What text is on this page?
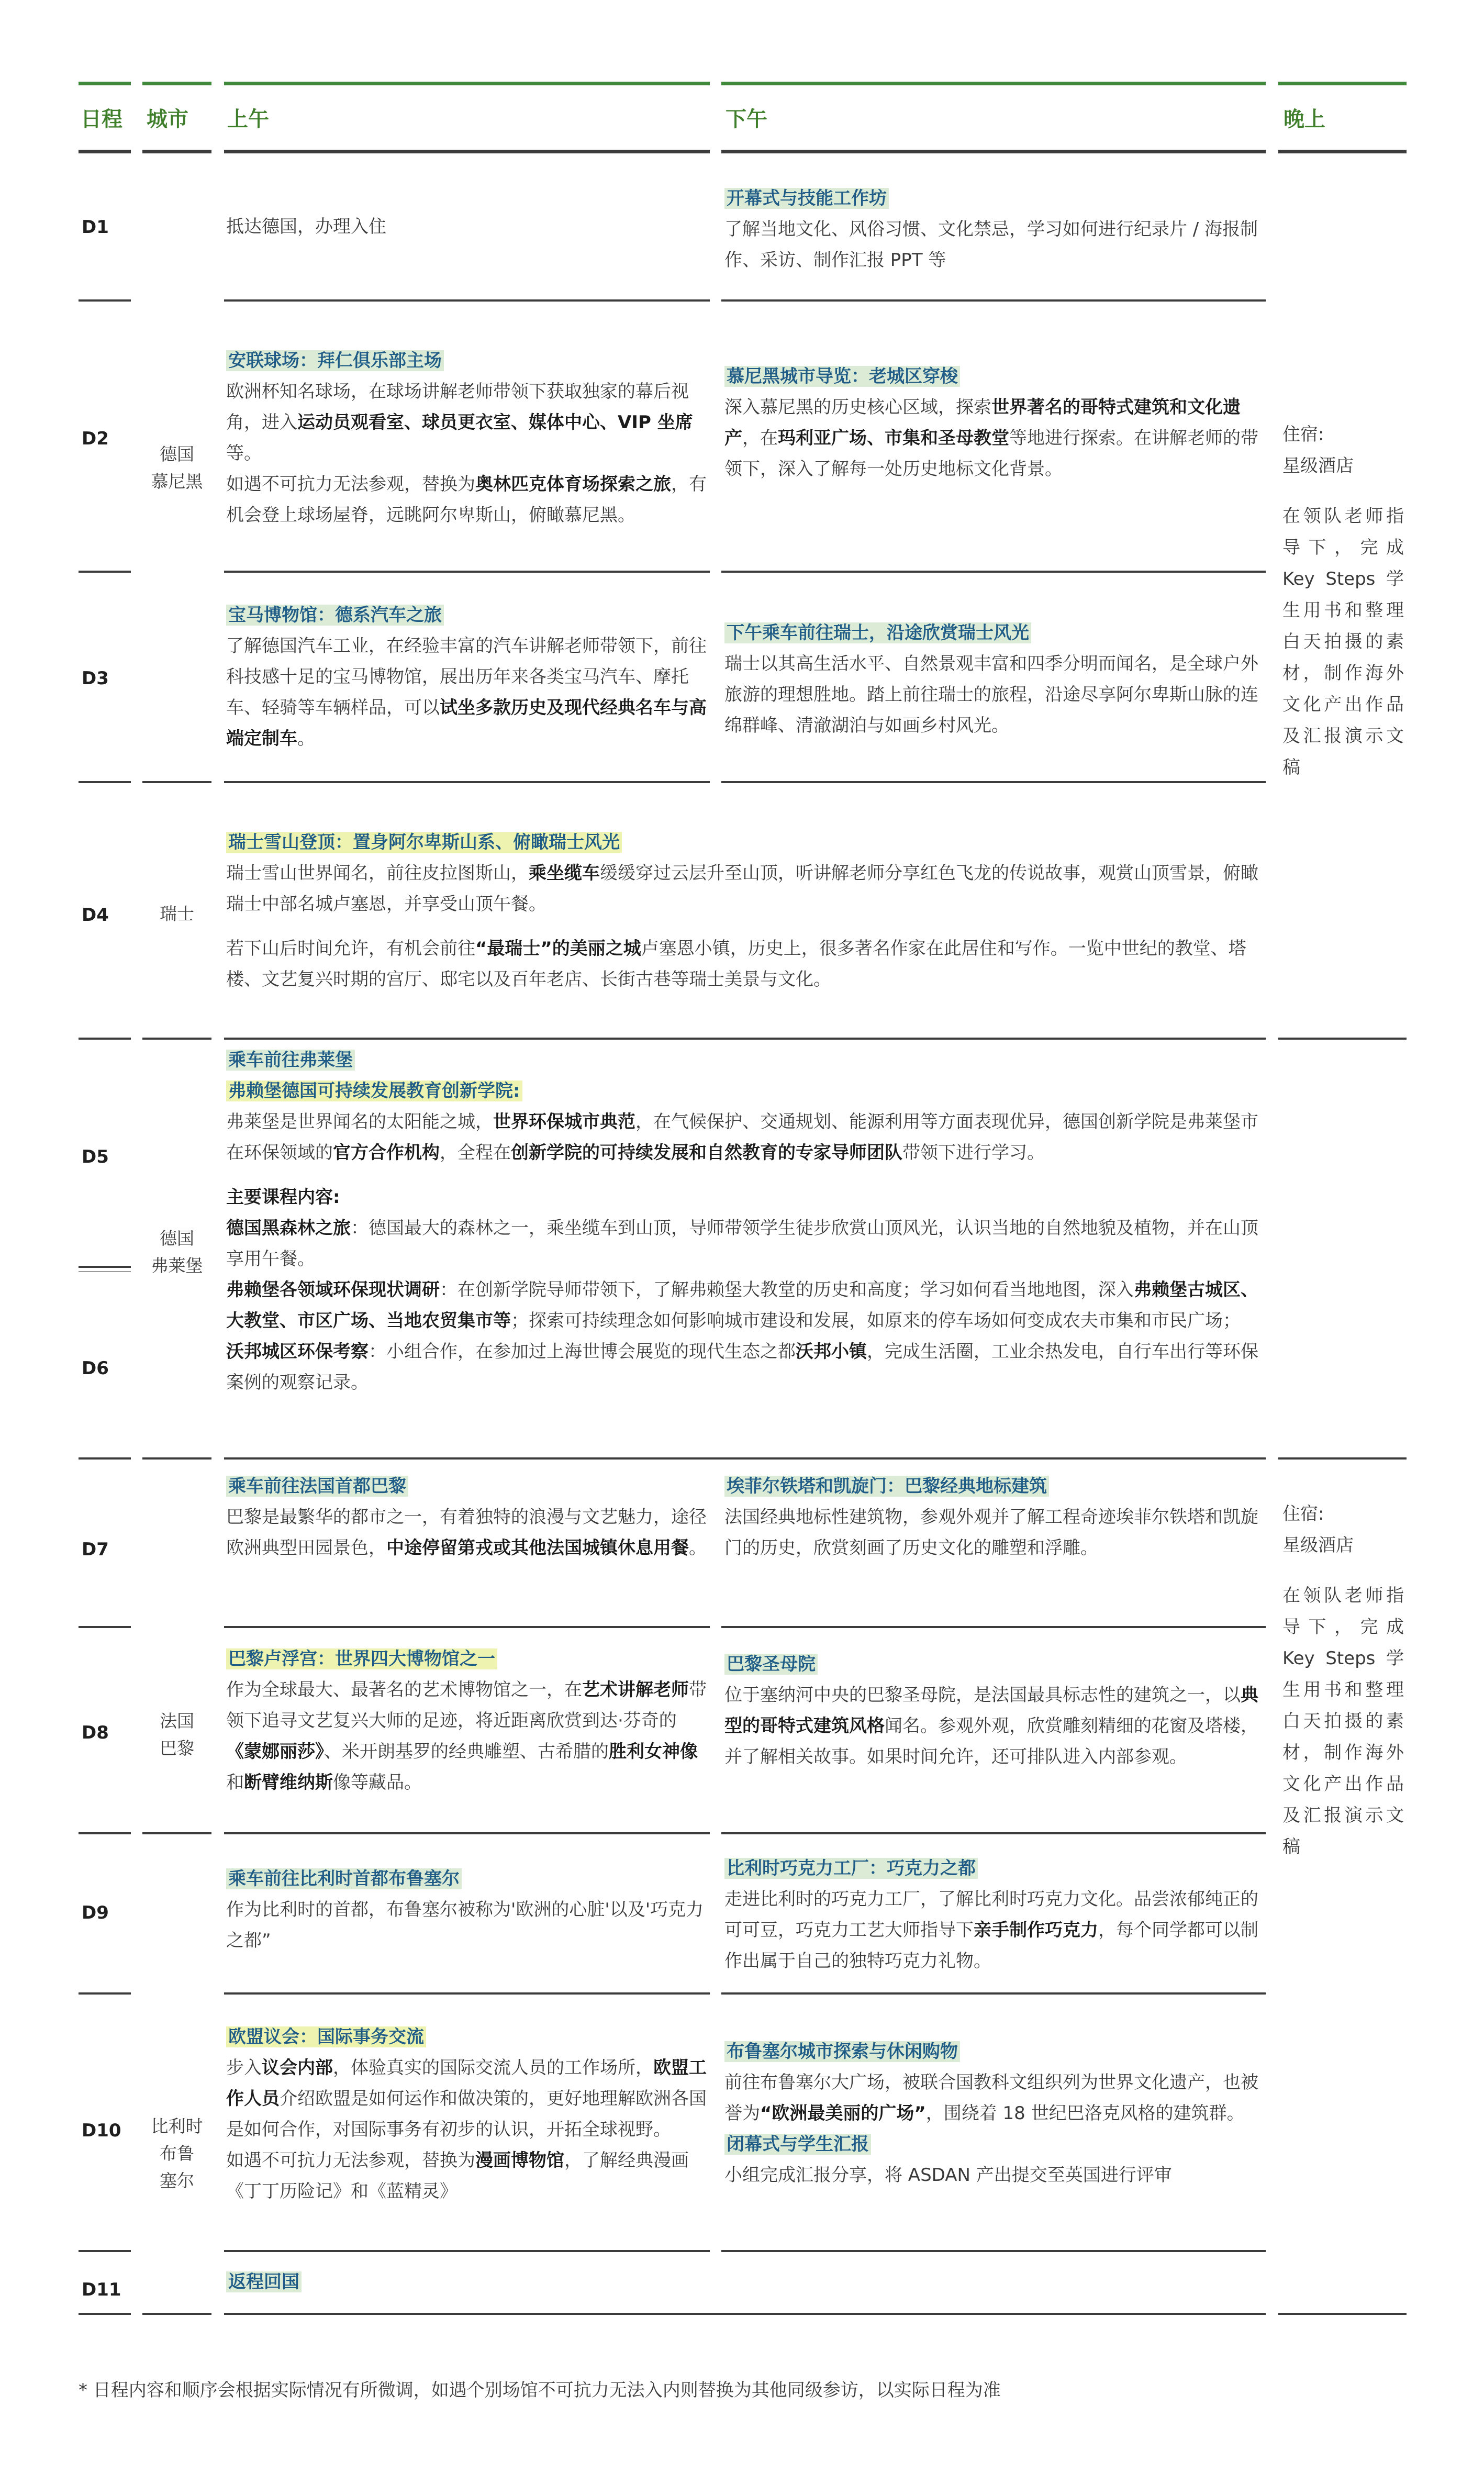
日程 城市 上午	下午	晚上
D1
D2
D3
D4
D5
D6
D7
D8
D9
D10
D11
德国
慕尼黑
瑞士
德国
弗莱堡
法国
巴黎
比利时
布鲁
塞尔

抵达德国，办理入住

开幕式与技能工作坊

了解当地文化、风俗习惯、文化禁忌，学习如何进行纪录片 / 海报制作、采访、制作汇报 PPT 等

安联球场：拜仁俱乐部主场

欧洲杯知名球场，在球场讲解老师带领下获取独家的幕后视角，进入运动员观看室、球员更衣室、媒体中心、VIP 坐席等。

如遇不可抗力无法参观，替换为奥林匹克体育场探索之旅，有机会登上球场屋脊，远眺阿尔卑斯山，俯瞰慕尼黑。

慕尼黑城市导览：老城区穿梭

深入慕尼黑的历史核心区域，探索世界著名的哥特式建筑和文化遗产，在玛利亚广场、市集和圣母教堂等地进行探索。在讲解老师的带领下，深入了解每一处历史地标文化背景。

宝马博物馆：德系汽车之旅

了解德国汽车工业，在经验丰富的汽车讲解老师带领下，前往科技感十足的宝马博物馆，展出历年来各类宝马汽车、摩托车、轻骑等车辆样品，可以试坐多款历史及现代经典名车与高端定制车。

下午乘车前往瑞士，沿途欣赏瑞士风光

瑞士以其高生活水平、自然景观丰富和四季分明而闻名，是全球户外旅游的理想胜地。踏上前往瑞士的旅程，沿途尽享阿尔卑斯山脉的连绵群峰、清澈湖泊与如画乡村风光。

瑞士雪山登顶：置身阿尔卑斯山系、俯瞰瑞士风光

瑞士雪山世界闻名，前往皮拉图斯山，乘坐缆车缓缓穿过云层升至山顶，听讲解老师分享红色飞龙的传说故事，观赏山顶雪景，俯瞰瑞士中部名城卢塞恩，并享受山顶午餐。

若下山后时间允许，有机会前往“最瑞士”的美丽之城卢塞恩小镇，历史上，很多著名作家在此居住和写作。一览中世纪的教堂、塔楼、文艺复兴时期的宫厅、邸宅以及百年老店、长街古巷等瑞士美景与文化。

乘车前往弗莱堡

弗赖堡德国可持续发展教育创新学院:

弗莱堡是世界闻名的太阳能之城，世界环保城市典范，在气候保护、交通规划、能源利用等方面表现优异，德国创新学院是弗莱堡市在环保领域的官方合作机构，全程在创新学院的可持续发展和自然教育的专家导师团队带领下进行学习。

主要课程内容:

德国黑森林之旅：德国最大的森林之一，乘坐缆车到山顶，导师带领学生徒步欣赏山顶风光，认识当地的自然地貌及植物，并在山顶享用午餐。

弗赖堡各领域环保现状调研：在创新学院导师带领下，了解弗赖堡大教堂的历史和高度；学习如何看当地地图，深入弗赖堡古城区、大教堂、市区广场、当地农贸集市等；探索可持续理念如何影响城市建设和发展，如原来的停车场如何变成农夫市集和市民广场；

沃邦城区环保考察：小组合作，在参加过上海世博会展览的现代生态之都沃邦小镇，完成生活圈，工业余热发电，自行车出行等环保案例的观察记录。

乘车前往法国首都巴黎

巴黎是最繁华的都市之一，有着独特的浪漫与文艺魅力，途径欧洲典型田园景色，中途停留第戎或其他法国城镇休息用餐。

埃菲尔铁塔和凯旋门：巴黎经典地标建筑

法国经典地标性建筑物，参观外观并了解工程奇迹埃菲尔铁塔和凯旋门的历史，欣赏刻画了历史文化的雕塑和浮雕。

巴黎卢浮宫：世界四大博物馆之一

作为全球最大、最著名的艺术博物馆之一，在艺术讲解老师带领下追寻文艺复兴大师的足迹，将近距离欣赏到达·芬奇的《蒙娜丽莎》、米开朗基罗的经典雕塑、古希腊的胜利女神像和断臂维纳斯像等藏品。

巴黎圣母院

位于塞纳河中央的巴黎圣母院，是法国最具标志性的建筑之一，以典型的哥特式建筑风格闻名。参观外观，欣赏雕刻精细的花窗及塔楼，并了解相关故事。如果时间允许，还可排队进入内部参观。

乘车前往比利时首都布鲁塞尔

作为比利时的首都，布鲁塞尔被称为'欧洲的心脏'以及'巧克力之都”

比利时巧克力工厂：巧克力之都

走进比利时的巧克力工厂，了解比利时巧克力文化。品尝浓郁纯正的可可豆，巧克力工艺大师指导下亲手制作巧克力，每个同学都可以制作出属于自己的独特巧克力礼物。

欧盟议会：国际事务交流

步入议会内部，体验真实的国际交流人员的工作场所，欧盟工作人员介绍欧盟是如何运作和做决策的，更好地理解欧洲各国是如何合作，对国际事务有初步的认识，开拓全球视野。

如遇不可抗力无法参观，替换为漫画博物馆，了解经典漫画《丁丁历险记》和《蓝精灵》

布鲁塞尔城市探索与休闲购物

前往布鲁塞尔大广场，被联合国教科文组织列为世界文化遗产，也被誉为“欧洲最美丽的广场”，围绕着 18 世纪巴洛克风格的建筑群。

闭幕式与学生汇报

小组完成汇报分享，将 ASDAN 产出提交至英国进行评审

返程回国

住宿:

星级酒店

在领队老师指导下，完成 Key Steps 学生用书和整理白天拍摄的素材，制作海外文化产出作品及汇报演示文稿

住宿:

星级酒店

在领队老师指导下，完成 Key Steps 学生用书和整理白天拍摄的素材，制作海外文化产出作品及汇报演示文稿

* 日程内容和顺序会根据实际情况有所微调，如遇个别场馆不可抗力无法入内则替换为其他同级参访，以实际日程为准
